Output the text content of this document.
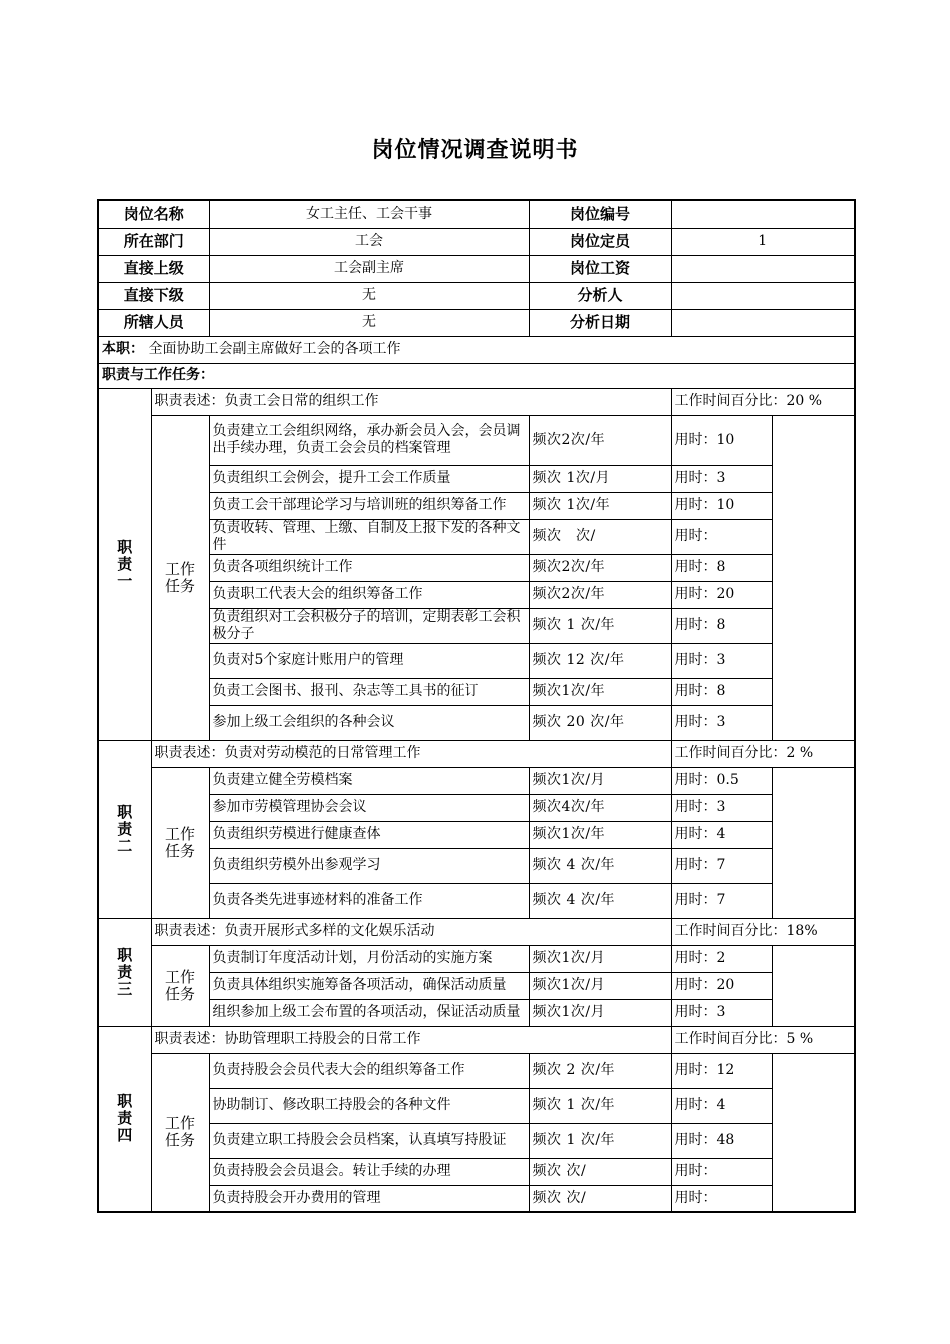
岗位情况调查说明书
岗位名称		女工主任、工会干事	岗位编号	
所在部门		工会	岗位定员	1
直接上级		工会副主席	岗位工资	
直接下级		无	分析人	
所辖人员		无	分析日期	
本职： 全面协助工会副主席做好工会的各项工作				
职责与工作任务：				
职责一	职责表述：负责工会日常的组织工作			工作时间百分比：20 %
	工作任务	负责建立工会组织网络，承办新会员入会，会员调出手续办理，负责工会会员的档案管理	频次2次/年	用时：10
		负责组织工会例会，提升工会工作质量	频次 1次/月	用时：3
		负责工会干部理论学习与培训班的组织筹备工作	频次 1次/年	用时：10
		负责收转、管理、上缴、自制及上报下发的各种文件	频次　次/	用时：
		负责各项组织统计工作	频次2次/年	用时：8
		负责职工代表大会的组织筹备工作	频次2次/年	用时：20
		负责组织对工会积极分子的培训，定期表彰工会积极分子	频次 1 次/年	用时：8
		负责对5个家庭计账用户的管理	频次 12 次/年	用时：3
		负责工会图书、报刊、杂志等工具书的征订	频次1次/年	用时：8
		参加上级工会组织的各种会议	频次 20 次/年	用时：3
职责二	职责表述：负责对劳动模范的日常管理工作			工作时间百分比：2 %
	工作任务	负责建立健全劳模档案	频次1次/月	用时：0.5
		参加市劳模管理协会会议	频次4次/年	用时：3
		负责组织劳模进行健康查体	频次1次/年	用时：4
		负责组织劳模外出参观学习	频次 4 次/年	用时：7
		负责各类先进事迹材料的准备工作	频次 4 次/年	用时：7
职责三	职责表述：负责开展形式多样的文化娱乐活动			工作时间百分比：18%
	工作任务	负责制订年度活动计划，月份活动的实施方案	频次1次/月	用时：2
		负责具体组织实施筹备各项活动，确保活动质量	频次1次/月	用时：20
		组织参加上级工会布置的各项活动，保证活动质量	频次1次/月	用时：3
职责四	职责表述：协助管理职工持股会的日常工作			工作时间百分比：5 %
	工作任务	负责持股会会员代表大会的组织筹备工作	频次 2 次/年	用时：12
		协助制订、修改职工持股会的各种文件	频次 1 次/年	用时：4
		负责建立职工持股会会员档案，认真填写持股证	频次 1 次/年	用时：48
		负责持股会会员退会。转让手续的办理	频次 次/	用时：
		负责持股会开办费用的管理	频次 次/	用时：
